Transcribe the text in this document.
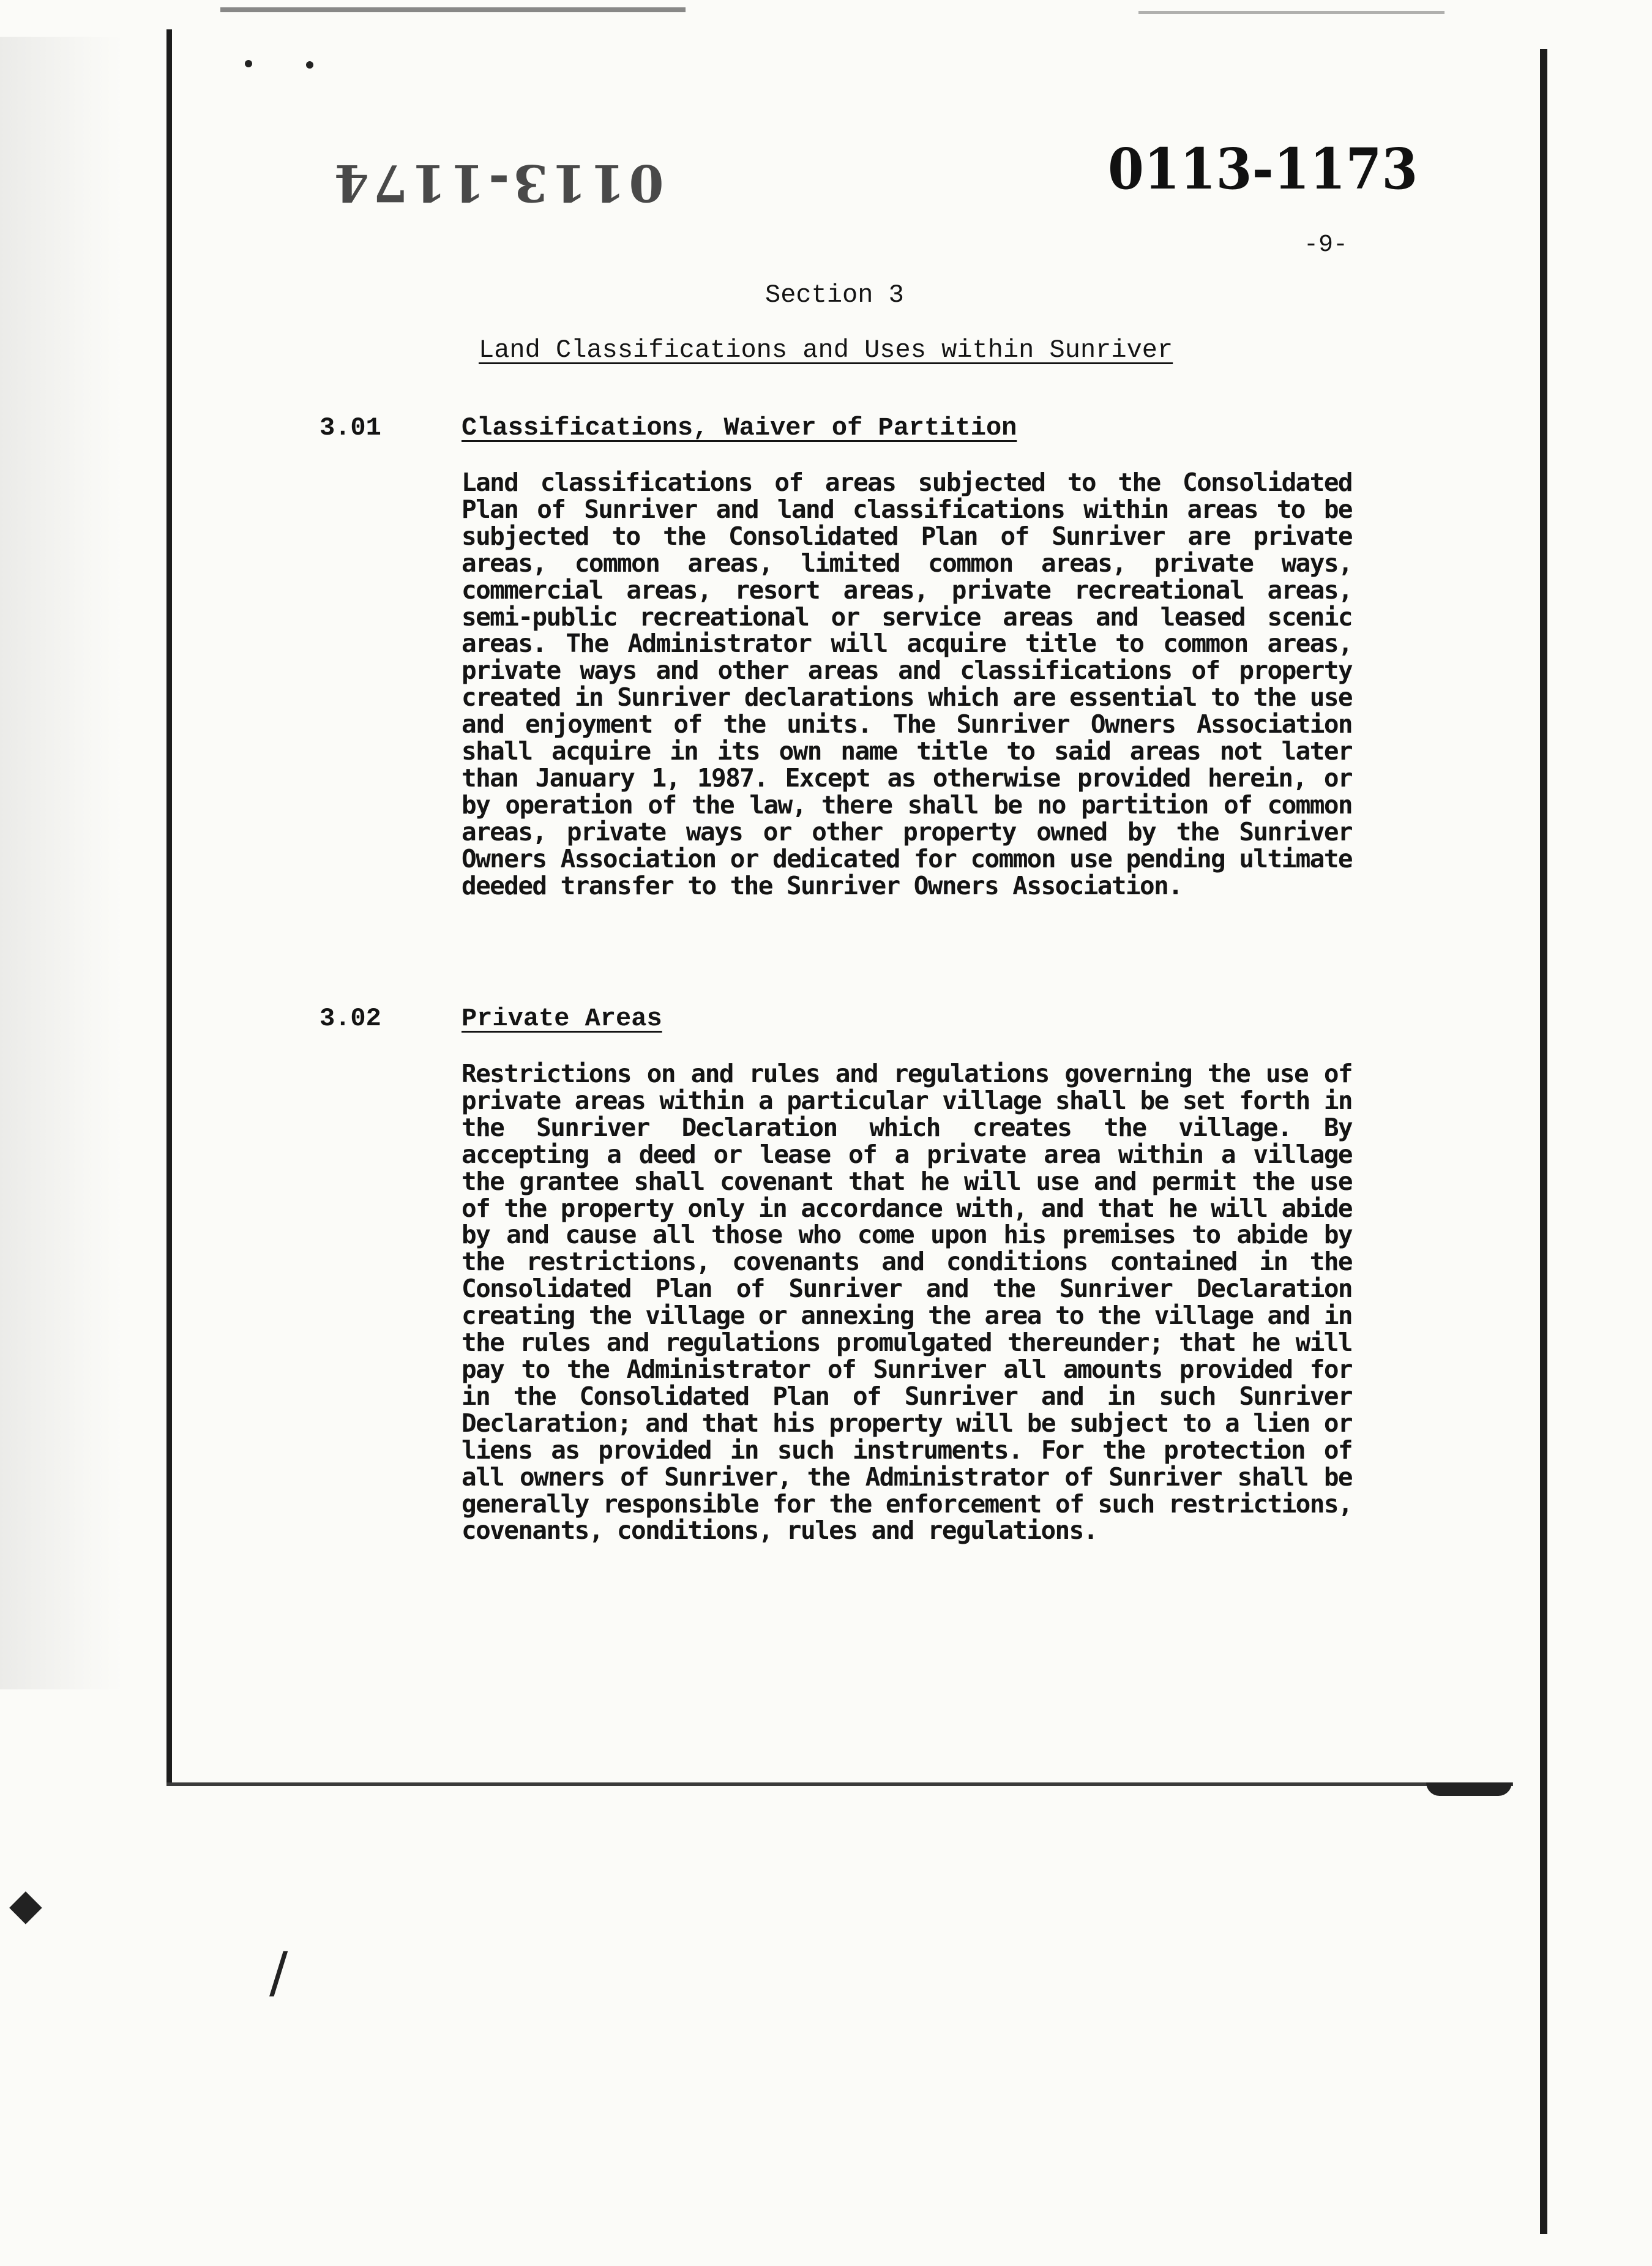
◆
/
0113-1174	0113-1173
-9-
Section 3
Land Classifications and Uses within Sunriver
3.01	Classifications, Waiver of Partition
Land classifications of areas subjected to the Consolidated Plan of Sunriver and land classifications within areas to be subjected to the Consolidated Plan of Sunriver are private areas, common areas, limited common areas, private ways, commercial areas, resort areas, private recreational areas, semi-public recreational or service areas and leased scenic areas. The Administrator will acquire title to common areas, private ways and other areas and classifications of property created in Sunriver declarations which are essential to the use and enjoyment of the units. The Sunriver Owners Association shall acquire in its own name title to said areas not later than January 1, 1987. Except as otherwise provided herein, or by operation of the law, there shall be no partition of common areas, private ways or other property owned by the Sunriver Owners Association or dedicated for common use pending ultimate deeded transfer to the Sunriver Owners Association.
3.02	Private Areas
Restrictions on and rules and regulations governing the use of private areas within a particular village shall be set forth in the Sunriver Declaration which creates the village. By accepting a deed or lease of a private area within a village the grantee shall covenant that he will use and permit the use of the property only in accordance with, and that he will abide by and cause all those who come upon his premises to abide by the restrictions, covenants and conditions contained in the Consolidated Plan of Sunriver and the Sunriver Declaration creating the village or annexing the area to the village and in the rules and regulations promulgated thereunder; that he will pay to the Administrator of Sunriver all amounts provided for in the Consolidated Plan of Sunriver and in such Sunriver Declaration; and that his property will be subject to a lien or liens as provided in such instruments. For the protection of all owners of Sunriver, the Administrator of Sunriver shall be generally responsible for the enforcement of such restrictions, covenants, conditions, rules and regulations.
